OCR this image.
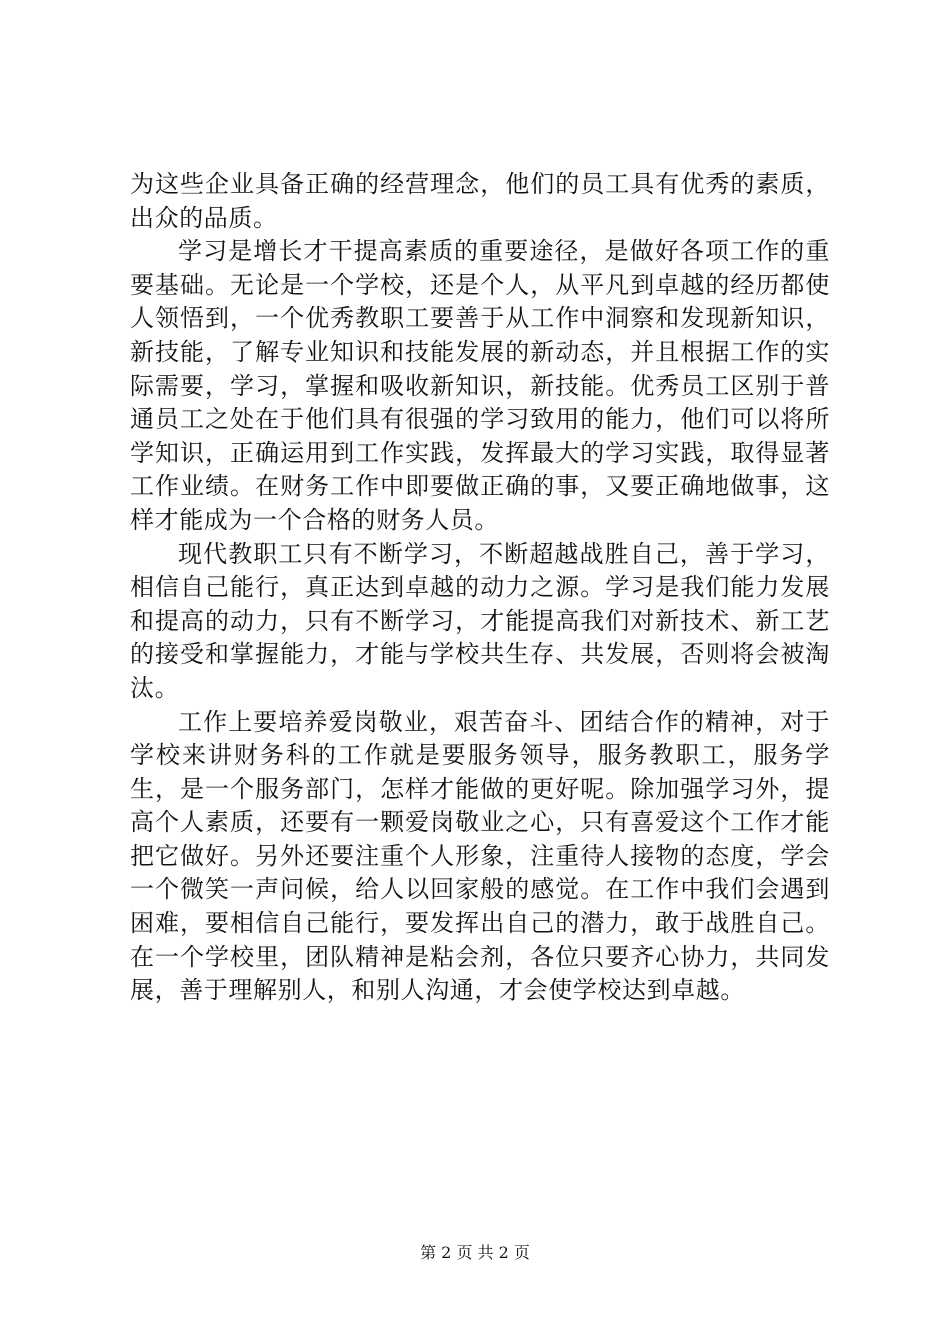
为这些企业具备正确的经营理念，他们的员工具有优秀的素质，出众的品质。

学习是增长才干提高素质的重要途径，是做好各项工作的重要基础。无论是一个学校，还是个人，从平凡到卓越的经历都使人领悟到，一个优秀教职工要善于从工作中洞察和发现新知识，新技能，了解专业知识和技能发展的新动态，并且根据工作的实际需要，学习，掌握和吸收新知识，新技能。优秀员工区别于普通员工之处在于他们具有很强的学习致用的能力，他们可以将所学知识，正确运用到工作实践，发挥最大的学习实践，取得显著工作业绩。在财务工作中即要做正确的事，又要正确地做事，这样才能成为一个合格的财务人员。

现代教职工只有不断学习，不断超越战胜自己，善于学习，相信自己能行，真正达到卓越的动力之源。学习是我们能力发展和提高的动力，只有不断学习，才能提高我们对新技术、新工艺的接受和掌握能力，才能与学校共生存、共发展，否则将会被淘汰。

工作上要培养爱岗敬业，艰苦奋斗、团结合作的精神，对于学校来讲财务科的工作就是要服务领导，服务教职工，服务学生，是一个服务部门，怎样才能做的更好呢。除加强学习外，提高个人素质，还要有一颗爱岗敬业之心，只有喜爱这个工作才能把它做好。另外还要注重个人形象，注重待人接物的态度，学会一个微笑一声问候，给人以回家般的感觉。在工作中我们会遇到困难，要相信自己能行，要发挥出自己的潜力，敢于战胜自己。在一个学校里，团队精神是粘会剂，各位只要齐心协力，共同发展，善于理解别人，和别人沟通，才会使学校达到卓越。

第 2 页 共 2 页
